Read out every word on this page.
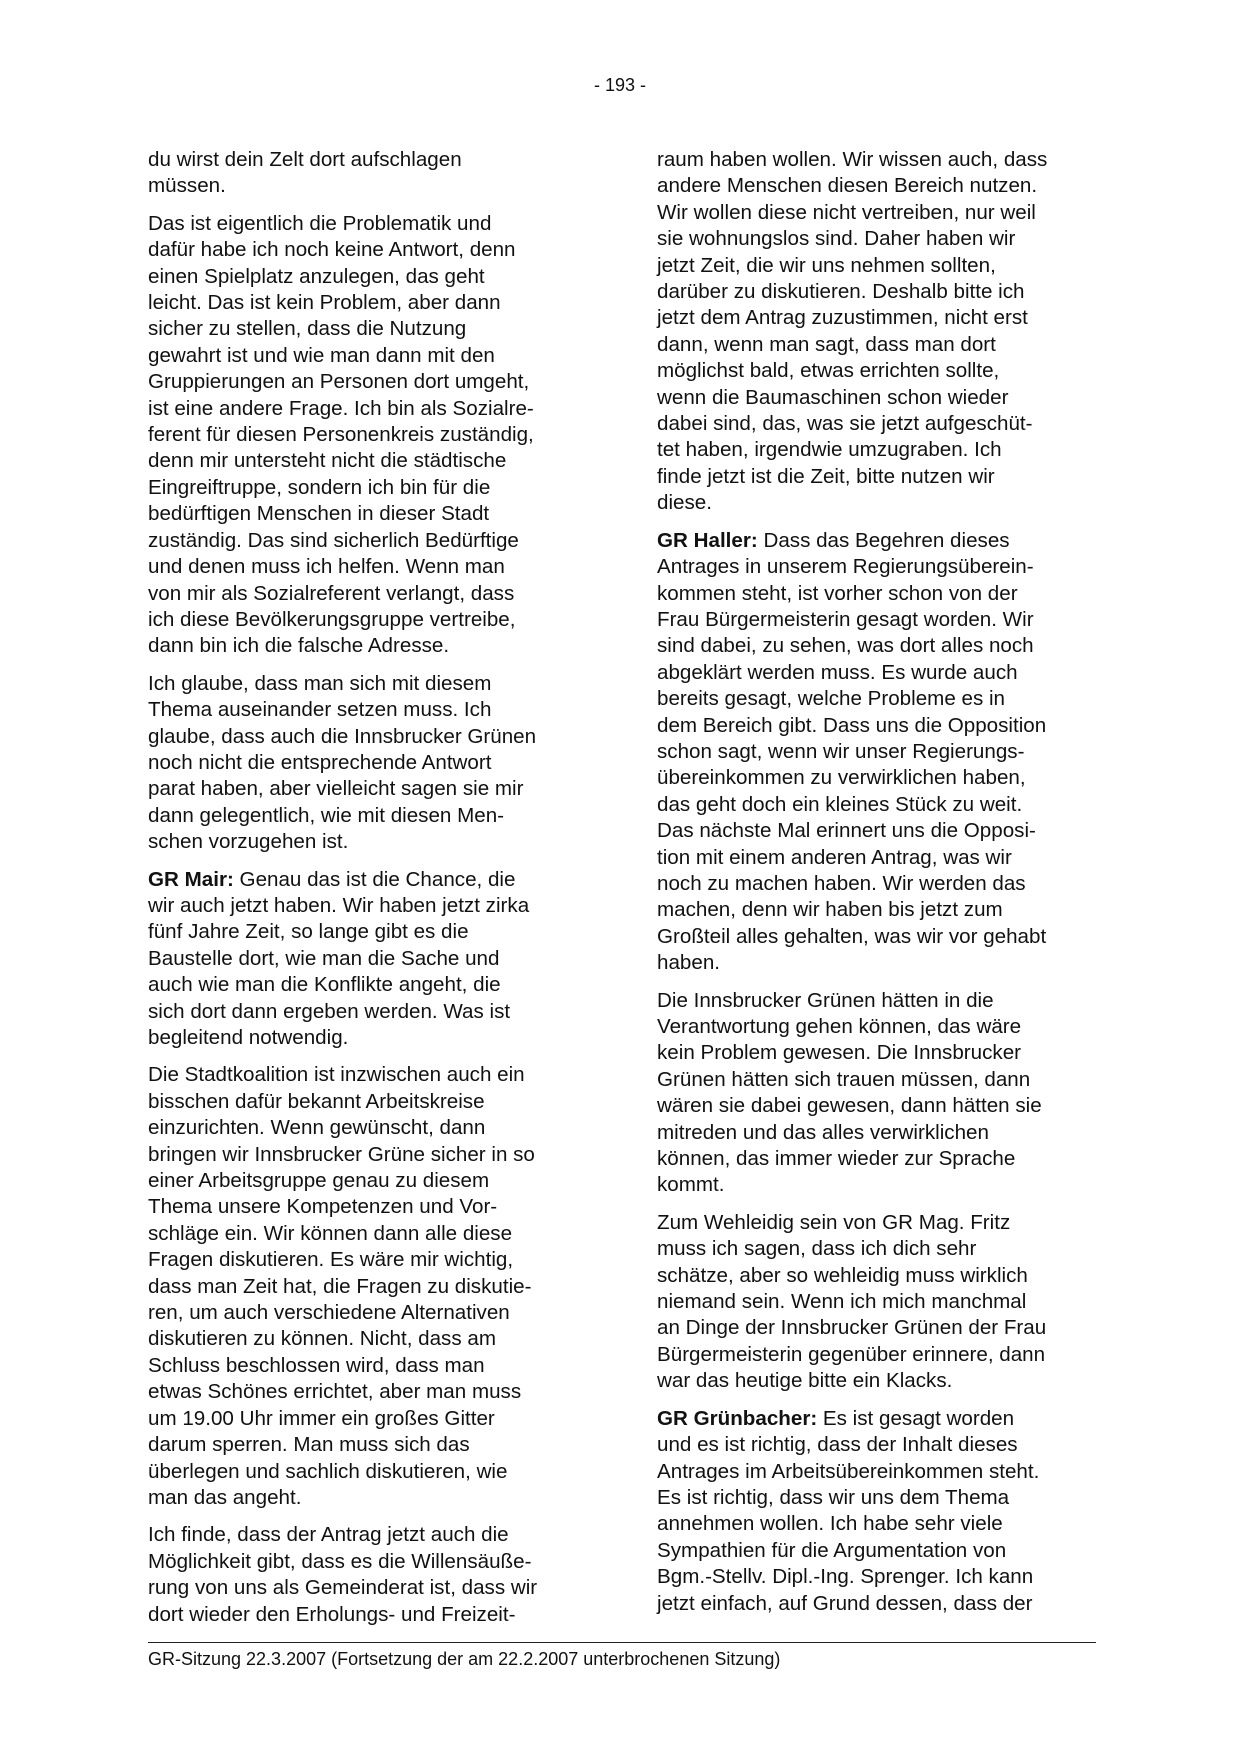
- 193 -
du wirst dein Zelt dort aufschlagen
müssen.
Das ist eigentlich die Problematik und
dafür habe ich noch keine Antwort, denn
einen Spielplatz anzulegen, das geht
leicht. Das ist kein Problem, aber dann
sicher zu stellen, dass die Nutzung
gewahrt ist und wie man dann mit den
Gruppierungen an Personen dort umgeht,
ist eine andere Frage. Ich bin als Sozialre-
ferent für diesen Personenkreis zuständig,
denn mir untersteht nicht die städtische
Eingreiftruppe, sondern ich bin für die
bedürftigen Menschen in dieser Stadt
zuständig. Das sind sicherlich Bedürftige
und denen muss ich helfen. Wenn man
von mir als Sozialreferent verlangt, dass
ich diese Bevölkerungsgruppe vertreibe,
dann bin ich die falsche Adresse.
Ich glaube, dass man sich mit diesem
Thema auseinander setzen muss. Ich
glaube, dass auch die Innsbrucker Grünen
noch nicht die entsprechende Antwort
parat haben, aber vielleicht sagen sie mir
dann gelegentlich, wie mit diesen Men-
schen vorzugehen ist.
GR Mair: Genau das ist die Chance, die
wir auch jetzt haben. Wir haben jetzt zirka
fünf Jahre Zeit, so lange gibt es die
Baustelle dort, wie man die Sache und
auch wie man die Konflikte angeht, die
sich dort dann ergeben werden. Was ist
begleitend notwendig.
Die Stadtkoalition ist inzwischen auch ein
bisschen dafür bekannt Arbeitskreise
einzurichten. Wenn gewünscht, dann
bringen wir Innsbrucker Grüne sicher in so
einer Arbeitsgruppe genau zu diesem
Thema unsere Kompetenzen und Vor-
schläge ein. Wir können dann alle diese
Fragen diskutieren. Es wäre mir wichtig,
dass man Zeit hat, die Fragen zu diskutie-
ren, um auch verschiedene Alternativen
diskutieren zu können. Nicht, dass am
Schluss beschlossen wird, dass man
etwas Schönes errichtet, aber man muss
um 19.00 Uhr immer ein großes Gitter
darum sperren. Man muss sich das
überlegen und sachlich diskutieren, wie
man das angeht.
Ich finde, dass der Antrag jetzt auch die
Möglichkeit gibt, dass es die Willensäuße-
rung von uns als Gemeinderat ist, dass wir
dort wieder den Erholungs- und Freizeit-
raum haben wollen. Wir wissen auch, dass
andere Menschen diesen Bereich nutzen.
Wir wollen diese nicht vertreiben, nur weil
sie wohnungslos sind. Daher haben wir
jetzt Zeit, die wir uns nehmen sollten,
darüber zu diskutieren. Deshalb bitte ich
jetzt dem Antrag zuzustimmen, nicht erst
dann, wenn man sagt, dass man dort
möglichst bald, etwas errichten sollte,
wenn die Baumaschinen schon wieder
dabei sind, das, was sie jetzt aufgeschüt-
tet haben, irgendwie umzugraben. Ich
finde jetzt ist die Zeit, bitte nutzen wir
diese.
GR Haller: Dass das Begehren dieses
Antrages in unserem Regierungsüberein-
kommen steht, ist vorher schon von der
Frau Bürgermeisterin gesagt worden. Wir
sind dabei, zu sehen, was dort alles noch
abgeklärt werden muss. Es wurde auch
bereits gesagt, welche Probleme es in
dem Bereich gibt. Dass uns die Opposition
schon sagt, wenn wir unser Regierungs-
übereinkommen zu verwirklichen haben,
das geht doch ein kleines Stück zu weit.
Das nächste Mal erinnert uns die Opposi-
tion mit einem anderen Antrag, was wir
noch zu machen haben. Wir werden das
machen, denn wir haben bis jetzt zum
Großteil alles gehalten, was wir vor gehabt
haben.
Die Innsbrucker Grünen hätten in die
Verantwortung gehen können, das wäre
kein Problem gewesen. Die Innsbrucker
Grünen hätten sich trauen müssen, dann
wären sie dabei gewesen, dann hätten sie
mitreden und das alles verwirklichen
können, das immer wieder zur Sprache
kommt.
Zum Wehleidig sein von GR Mag. Fritz
muss ich sagen, dass ich dich sehr
schätze, aber so wehleidig muss wirklich
niemand sein. Wenn ich mich manchmal
an Dinge der Innsbrucker Grünen der Frau
Bürgermeisterin gegenüber erinnere, dann
war das heutige bitte ein Klacks.
GR Grünbacher: Es ist gesagt worden
und es ist richtig, dass der Inhalt dieses
Antrages im Arbeitsübereinkommen steht.
Es ist richtig, dass wir uns dem Thema
annehmen wollen. Ich habe sehr viele
Sympathien für die Argumentation von
Bgm.-Stellv. Dipl.-Ing. Sprenger. Ich kann
jetzt einfach, auf Grund dessen, dass der
GR-Sitzung 22.3.2007 (Fortsetzung der am 22.2.2007 unterbrochenen Sitzung)
